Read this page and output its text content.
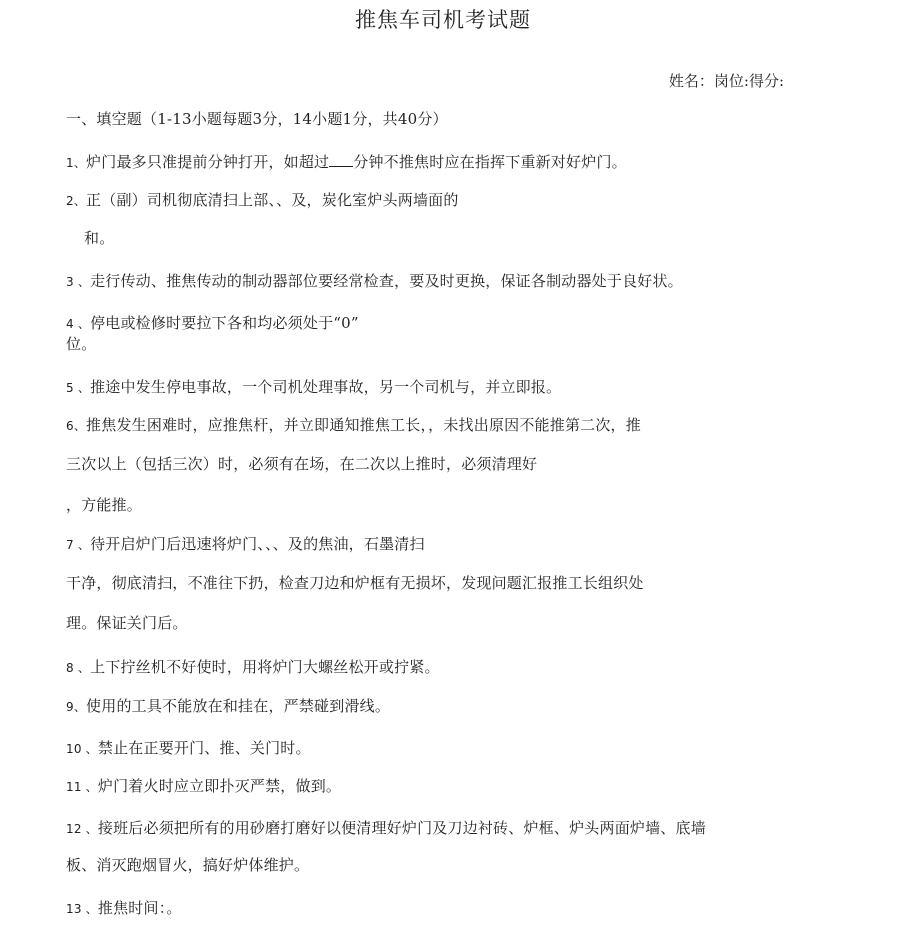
推焦车司机考试题
姓名：岗位:得分:
一、填空题（1-13小题每题3分，14小题1分，共40分）
1、炉门最多只准提前分钟打开，如超过 分钟不推焦时应在指挥下重新对好炉门。
2、正（副）司机彻底清扫上部、、及，炭化室炉头两墙面的
和。
3 、走行传动、推焦传动的制动器部位要经常检查，要及时更换，保证各制动器处于良好状。
4 、停电或检修时要拉下各和均必须处于“0”
位。
5 、推途中发生停电事故，一个司机处理事故，另一个司机与，并立即报。
6、推焦发生困难时，应推焦杆，并立即通知推焦工长，，未找出原因不能推第二次，推
三次以上（包括三次）时，必须有在场，在二次以上推时，必须清理好
，方能推。
7 、待开启炉门后迅速将炉门、、、及的焦油，石墨清扫
干净，彻底清扫，不准往下扔，检查刀边和炉框有无损坏，发现问题汇报推工长组织处
理。保证关门后。
8 、上下拧丝机不好使时，用将炉门大螺丝松开或拧紧。
9、使用的工具不能放在和挂在，严禁碰到滑线。
10 、禁止在正要开门、推、关门时。
11 、炉门着火时应立即扑灭严禁，做到。
12 、接班后必须把所有的用砂磨打磨好以便清理好炉门及刀边衬砖、炉框、炉头两面炉墙、底墙
板、消灭跑烟冒火，搞好炉体维护。
13 、推焦时间：。
